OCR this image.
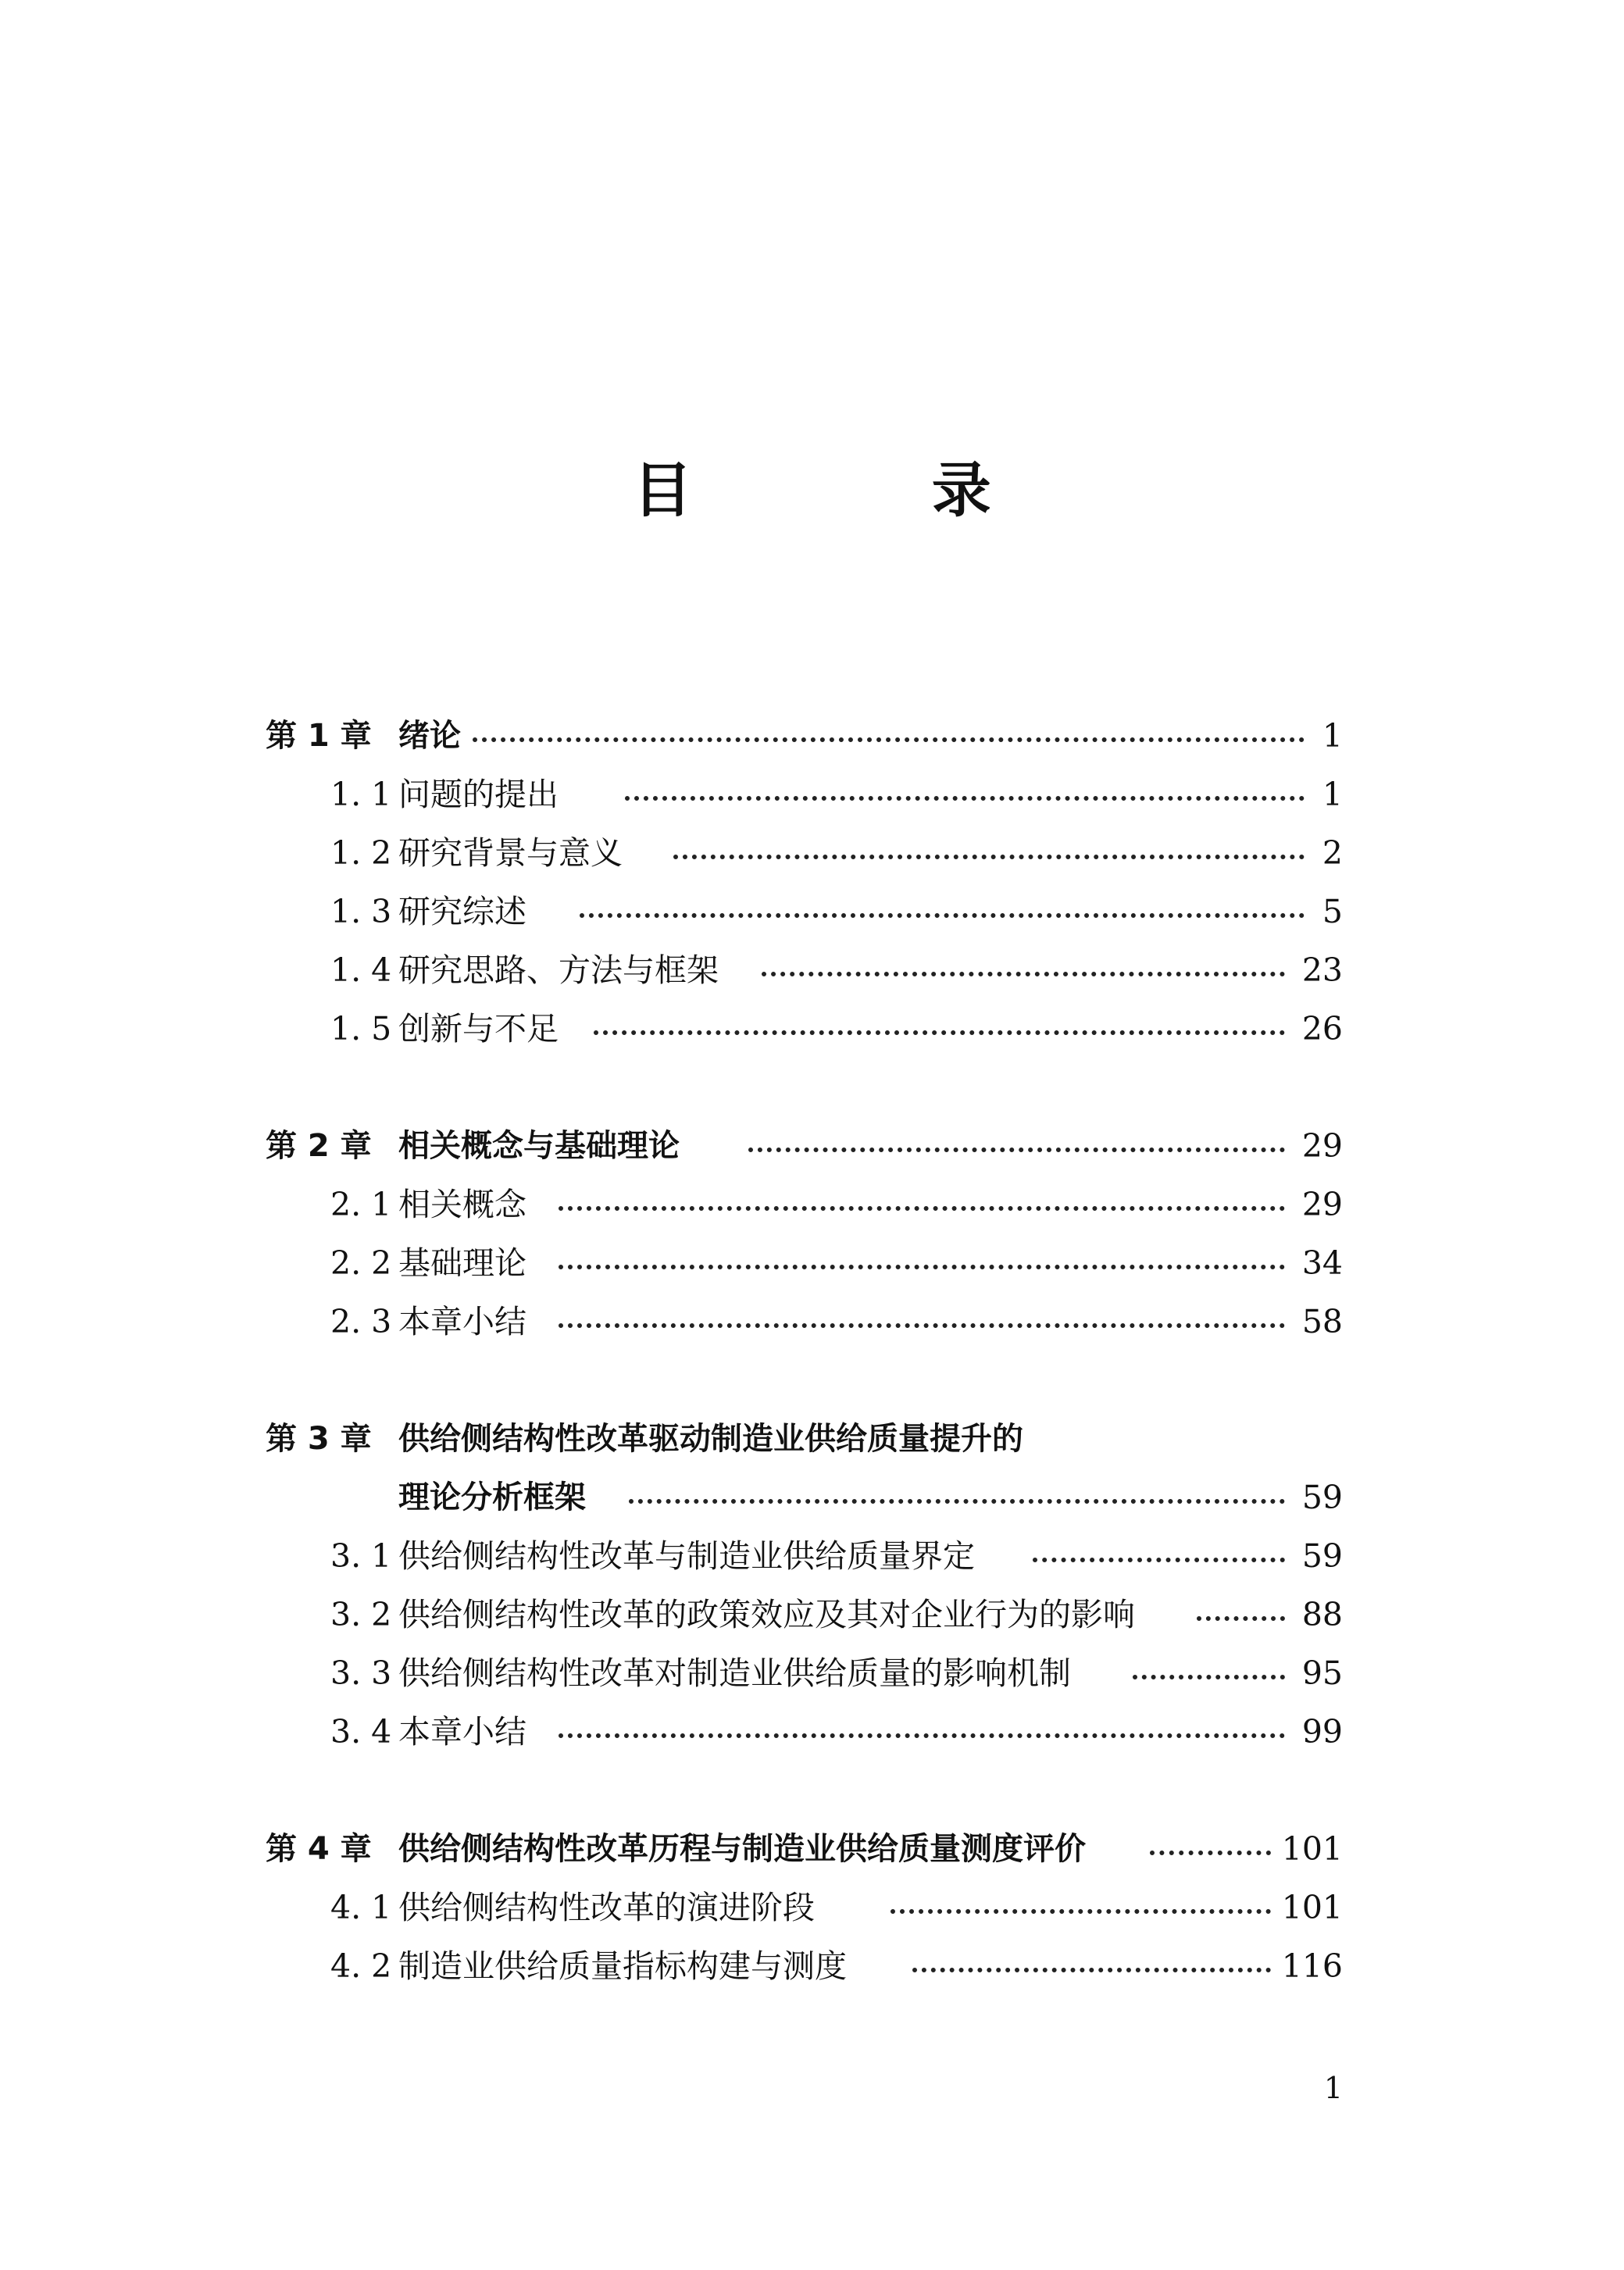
目 录
第 1 章 绪论	1
1. 1 问题的提出	1
1. 2 研究背景与意义	2
1. 3 研究综述	5
1. 4 研究思路、方法与框架	23
1. 5 创新与不足	26
第 2 章 相关概念与基础理论	29
2. 1 相关概念	29
2. 2 基础理论	34
2. 3 本章小结	58
第 3 章 供给侧结构性改革驱动制造业供给质量提升的
理论分析框架	59
3. 1 供给侧结构性改革与制造业供给质量界定	59
3. 2 供给侧结构性改革的政策效应及其对企业行为的影响	88
3. 3 供给侧结构性改革对制造业供给质量的影响机制	95
3. 4 本章小结	99
第 4 章 供给侧结构性改革历程与制造业供给质量测度评价	101
4. 1 供给侧结构性改革的演进阶段	101
4. 2 制造业供给质量指标构建与测度	116
1
